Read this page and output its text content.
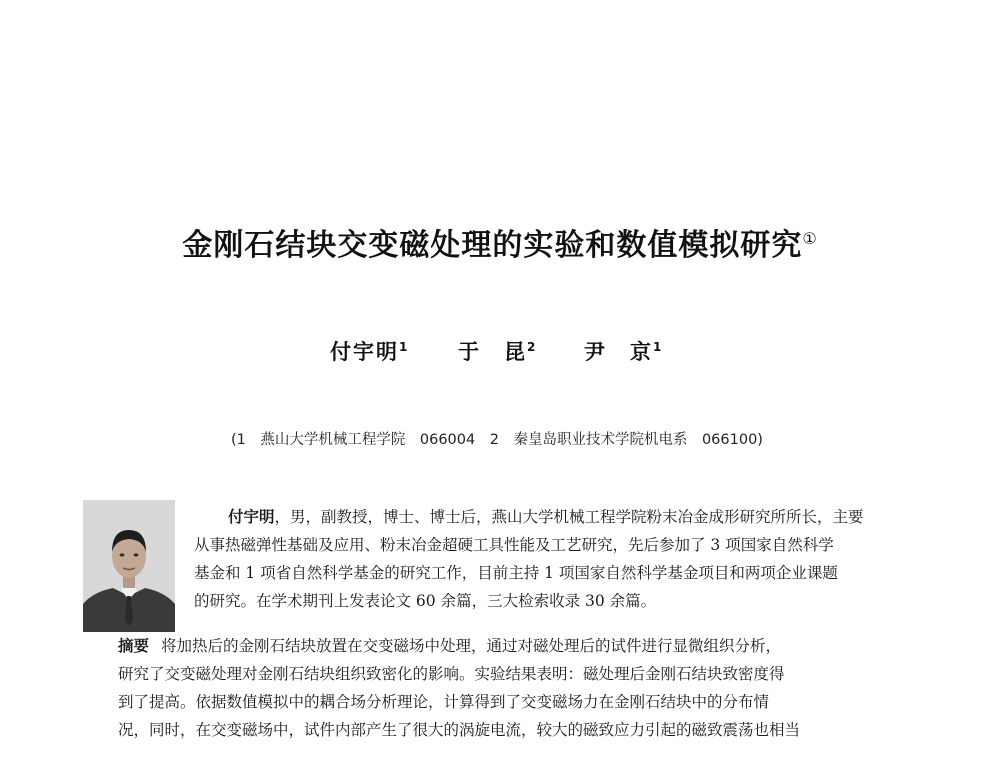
金刚石结块交变磁处理的实验和数值模拟研究①
付宇明$^1$ 于　昆$^2$ 尹　京$^1$
(1　燕山大学机械工程学院　066004　2　秦皇岛职业技术学院机电系　066100)

付宇明，男，副教授，博士、博士后，燕山大学机械工程学院粉末冶金成形研究所所长，主要
从事热磁弹性基础及应用、粉末冶金超硬工具性能及工艺研究，先后参加了 3 项国家自然科学
基金和 1 项省自然科学基金的研究工作，目前主持 1 项国家自然科学基金项目和两项企业课题
的研究。在学术期刊上发表论文 60 余篇，三大检索收录 30 余篇。

摘要 将加热后的金刚石结块放置在交变磁场中处理，通过对磁处理后的试件进行显微组织分析，
研究了交变磁处理对金刚石结块组织致密化的影响。实验结果表明：磁处理后金刚石结块致密度得
到了提高。依据数值模拟中的耦合场分析理论，计算得到了交变磁场力在金刚石结块中的分布情
况，同时，在交变磁场中，试件内部产生了很大的涡旋电流，较大的磁致应力引起的磁致震荡也相当
